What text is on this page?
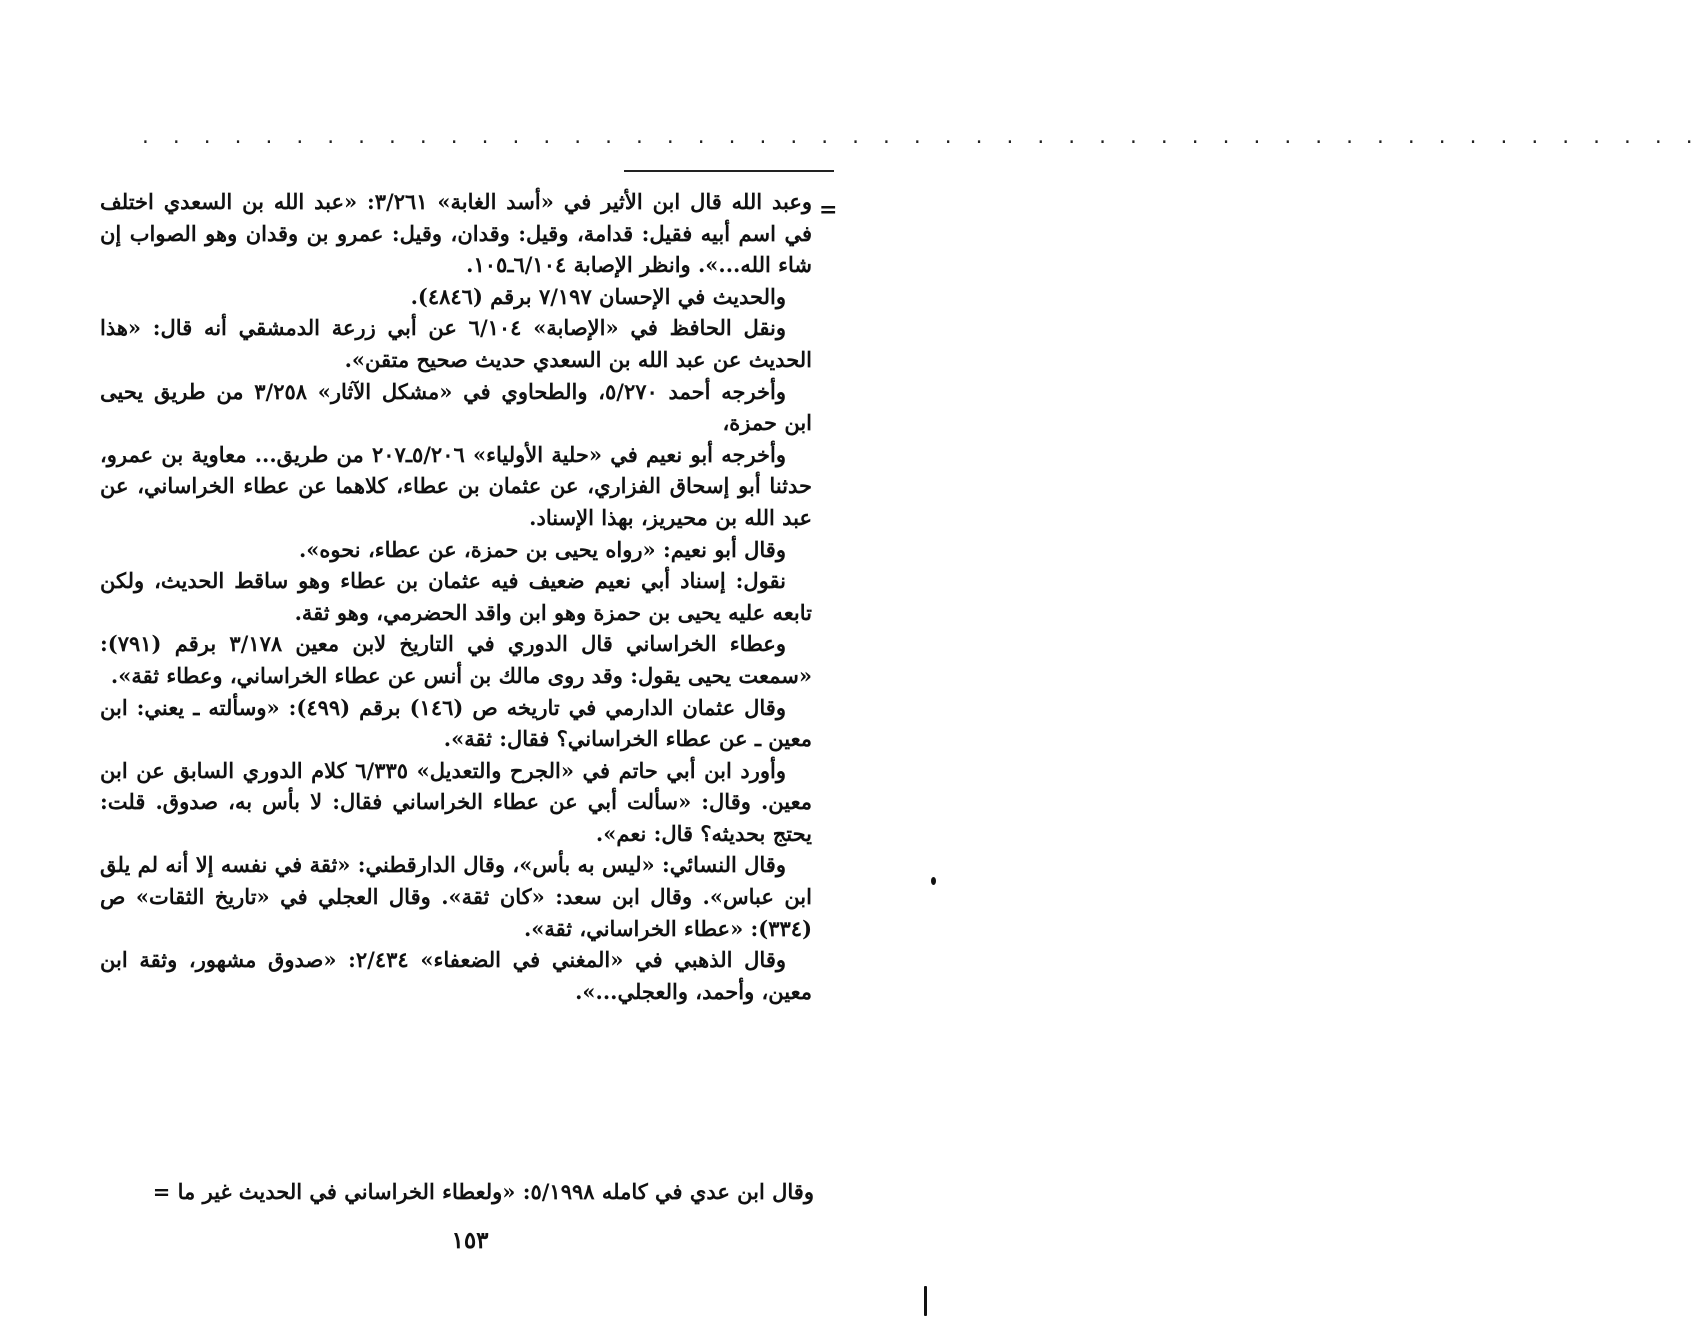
. . . . . . . . . . . . . . . . . . . . . . . . . . . . . . . . . . . . . . . . . . . . . . . . . . .
=

وعبد الله قال ابن الأثير في «أسد الغابة» ٣/٢٦١: «عبد الله بن السعدي اختلف في اسم أبيه فقيل: قدامة، وقيل: وقدان، وقيل: عمرو بن وقدان وهو الصواب إن شاء الله...». وانظر الإصابة ٦/١٠٤ـ١٠٥.

والحديث في الإحسان ٧/١٩٧ برقم (٤٨٤٦).

ونقل الحافظ في «الإصابة» ٦/١٠٤ عن أبي زرعة الدمشقي أنه قال: «هذا الحديث عن عبد الله بن السعدي حديث صحيح متقن».

وأخرجه أحمد ٥/٢٧٠، والطحاوي في «مشكل الآثار» ٣/٢٥٨ من طريق يحيى ابن حمزة،

وأخرجه أبو نعيم في «حلية الأولياء» ٥/٢٠٦ـ٢٠٧ من طريق... معاوية بن عمرو، حدثنا أبو إسحاق الفزاري، عن عثمان بن عطاء، كلاهما عن عطاء الخراساني، عن عبد الله بن محيريز، بهذا الإسناد.

وقال أبو نعيم: «رواه يحيى بن حمزة، عن عطاء، نحوه».

نقول: إسناد أبي نعيم ضعيف فيه عثمان بن عطاء وهو ساقط الحديث، ولكن تابعه عليه يحيى بن حمزة وهو ابن واقد الحضرمي، وهو ثقة.

وعطاء الخراساني قال الدوري في التاريخ لابن معين ٣/١٧٨ برقم (٧٩١): «سمعت يحيى يقول: وقد روى مالك بن أنس عن عطاء الخراساني، وعطاء ثقة».

وقال عثمان الدارمي في تاريخه ص (١٤٦) برقم (٤٩٩): «وسألته ـ يعني: ابن معين ـ عن عطاء الخراساني؟ فقال: ثقة».

وأورد ابن أبي حاتم في «الجرح والتعديل» ٦/٣٣٥ كلام الدوري السابق عن ابن معين. وقال: «سألت أبي عن عطاء الخراساني فقال: لا بأس به، صدوق. قلت: يحتج بحديثه؟ قال: نعم».

وقال النسائي: «ليس به بأس»، وقال الدارقطني: «ثقة في نفسه إلا أنه لم يلق ابن عباس». وقال ابن سعد: «كان ثقة». وقال العجلي في «تاريخ الثقات» ص (٣٣٤): «عطاء الخراساني، ثقة».

وقال الذهبي في «المغني في الضعفاء» ٢/٤٣٤: «صدوق مشهور، وثقة ابن معين، وأحمد، والعجلي...».

وقال ابن عدي في كامله ٥/١٩٩٨: «ولعطاء الخراساني في الحديث غير ما =
١٥٣
